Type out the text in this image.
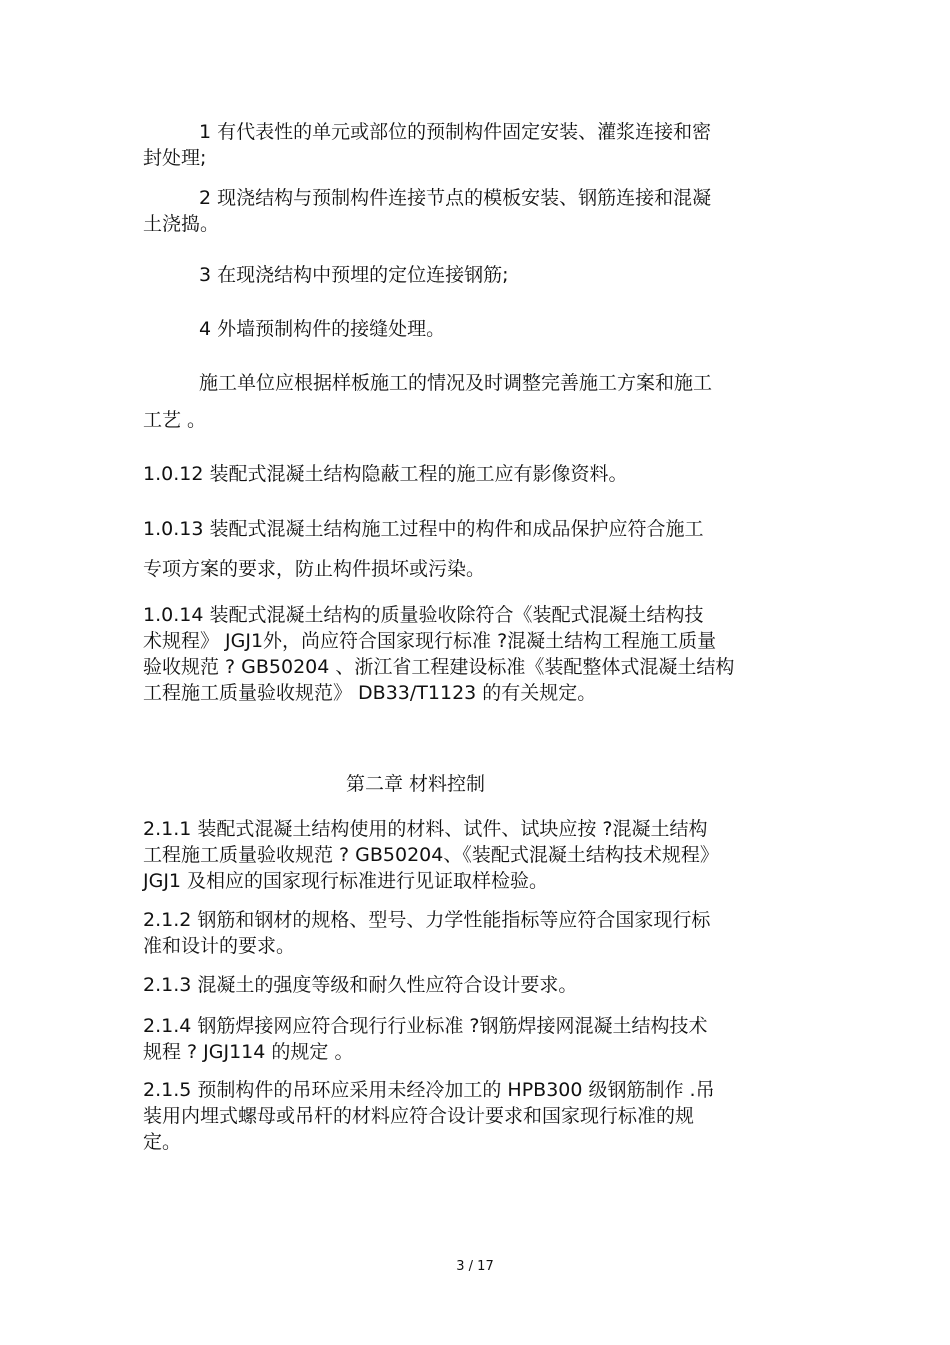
1 有代表性的单元或部位的预制构件固定安装、灌浆连接和密
封处理;
2 现浇结构与预制构件连接节点的模板安装、钢筋连接和混凝
土浇捣。
3 在现浇结构中预埋的定位连接钢筋;
4 外墙预制构件的接缝处理。
施工单位应根据样板施工的情况及时调整完善施工方案和施工
工艺 。
1.0.12 装配式混凝土结构隐蔽工程的施工应有影像资料。
1.0.13 装配式混凝土结构施工过程中的构件和成品保护应符合施工
专项方案的要求，防止构件损坏或污染。
1.0.14 装配式混凝土结构的质量验收除符合《装配式混凝土结构技
术规程》 JGJ1外，尚应符合国家现行标准 ?混凝土结构工程施工质量
验收规范 ? GB50204 、浙江省工程建设标准《装配整体式混凝土结构
工程施工质量验收规范》 DB33/T1123 的有关规定。
第二章 材料控制
2.1.1 装配式混凝土结构使用的材料、试件、试块应按 ?混凝土结构
工程施工质量验收规范 ? GB50204、《装配式混凝土结构技术规程》
JGJ1 及相应的国家现行标准进行见证取样检验。
2.1.2 钢筋和钢材的规格、型号、力学性能指标等应符合国家现行标
准和设计的要求。
2.1.3 混凝土的强度等级和耐久性应符合设计要求。
2.1.4 钢筋焊接网应符合现行行业标准 ?钢筋焊接网混凝土结构技术
规程 ? JGJ114 的规定 。
2.1.5 预制构件的吊环应采用未经冷加工的 HPB300 级钢筋制作 .吊
装用内埋式螺母或吊杆的材料应符合设计要求和国家现行标准的规
定。
3 / 17
